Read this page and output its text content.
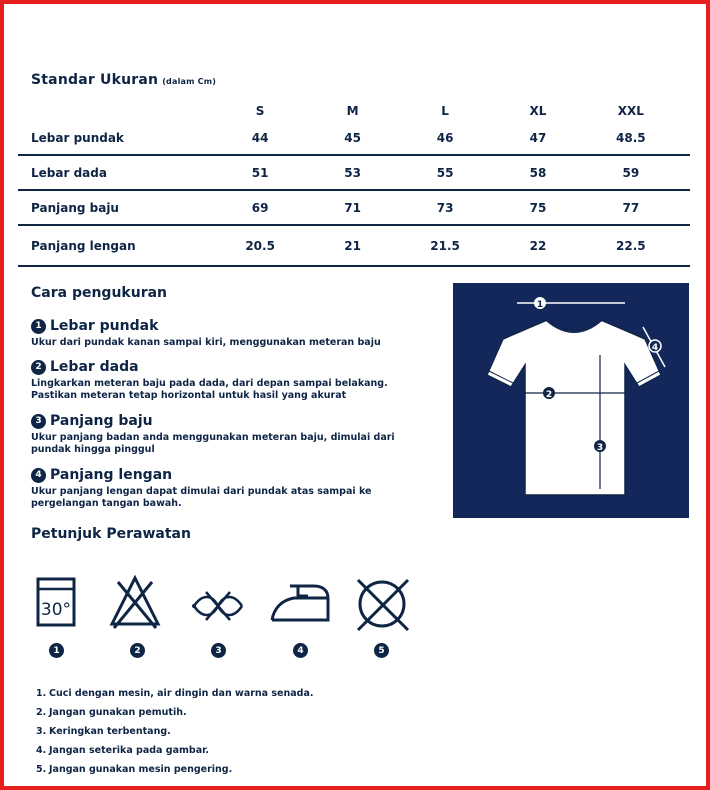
Standar Ukuran (dalam Cm)
	S	M	L	XL	XXL
Lebar pundak	44	45	46	47	48.5
Lebar dada	51	53	55	58	59
Panjang baju	69	71	73	75	77
Panjang lengan	20.5	21	21.5	22	22.5
Cara pengukuran
1 Lebar pundak
Ukur dari pundak kanan sampai kiri, menggunakan meteran baju
2 Lebar dada
Lingkarkan meteran baju pada dada, dari depan sampai belakang. Pastikan meteran tetap horizontal untuk hasil yang akurat
3 Panjang baju
Ukur panjang badan anda menggunakan meteran baju, dimulai dari pundak hingga pinggul
4 Panjang lengan
Ukur panjang lengan dapat dimulai dari pundak atas sampai ke pergelangan tangan bawah.
1
4
2
3
Petunjuk Perawatan
30°
1	2	3	4	5
1. Cuci dengan mesin, air dingin dan warna senada.
2. Jangan gunakan pemutih.
3. Keringkan terbentang.
4. Jangan seterika pada gambar.
5. Jangan gunakan mesin pengering.
